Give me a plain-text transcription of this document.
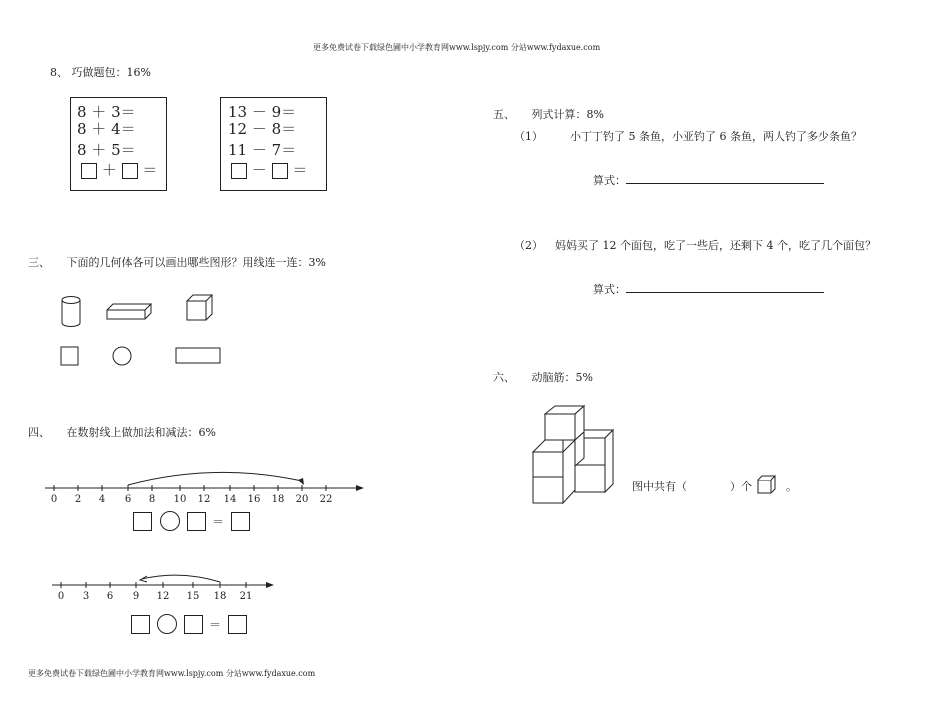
更多免费试卷下载绿色圃中小学教育网www.lspjy.com 分站www.fydaxue.com
更多免费试卷下载绿色圃中小学教育网www.lspjy.com 分站www.fydaxue.com
8、 巧做题包：16%
8 ＋ 3＝
8 ＋ 4＝
8 ＋ 5＝
＋ ＝
13 － 9＝
12 － 8＝
11 － 7＝
－ ＝
三、　　下面的几何体各可以画出哪些图形？用线连一连：3%
四、　　在数射线上做加法和减法：6%
0 2 4 6 8 10 12 14 16 18 20 22
＝
0 3 6 9 12 15 18 21
＝
五、　　列式计算：8%
（1） 小丁丁钓了 5 条鱼，小亚钓了 6 条鱼，两人钓了多少条鱼？
算式：
（2） 妈妈买了 12 个面包，吃了一些后，还剩下 4 个，吃了几个面包？
算式：
六、　　动脑筋：5%
图中共有（	）个	。
